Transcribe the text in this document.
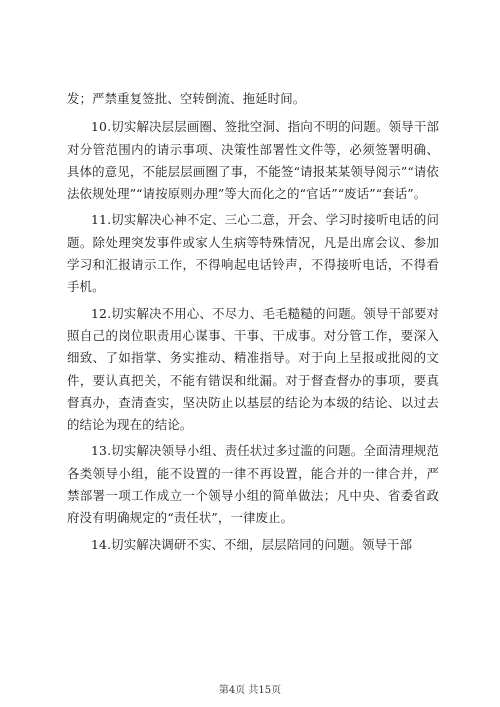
发；严禁重复签批、空转倒流、拖延时间。

10.切实解决层层画圈、签批空洞、指向不明的问题。领导干部对分管范围内的请示事项、决策性部署性文件等，必须签署明确、具体的意见，不能层层画圈了事，不能签“请报某某领导阅示”“请依法依规处理”“请按原则办理”等大而化之的“官话”“废话”“套话”。

11.切实解决心神不定、三心二意，开会、学习时接听电话的问题。除处理突发事件或家人生病等特殊情况，凡是出席会议、参加学习和汇报请示工作，不得响起电话铃声，不得接听电话，不得看手机。

12.切实解决不用心、不尽力、毛毛糙糙的问题。领导干部要对照自己的岗位职责用心谋事、干事、干成事。对分管工作，要深入细致、了如指掌、务实推动、精准指导。对于向上呈报或批阅的文件，要认真把关，不能有错误和纰漏。对于督查督办的事项，要真督真办，查清查实，坚决防止以基层的结论为本级的结论、以过去的结论为现在的结论。

13.切实解决领导小组、责任状过多过滥的问题。全面清理规范各类领导小组，能不设置的一律不再设置，能合并的一律合并，严禁部署一项工作成立一个领导小组的简单做法；凡中央、省委省政府没有明确规定的“责任状”，一律废止。

14.切实解决调研不实、不细，层层陪同的问题。领导干部

第4页 共15页
